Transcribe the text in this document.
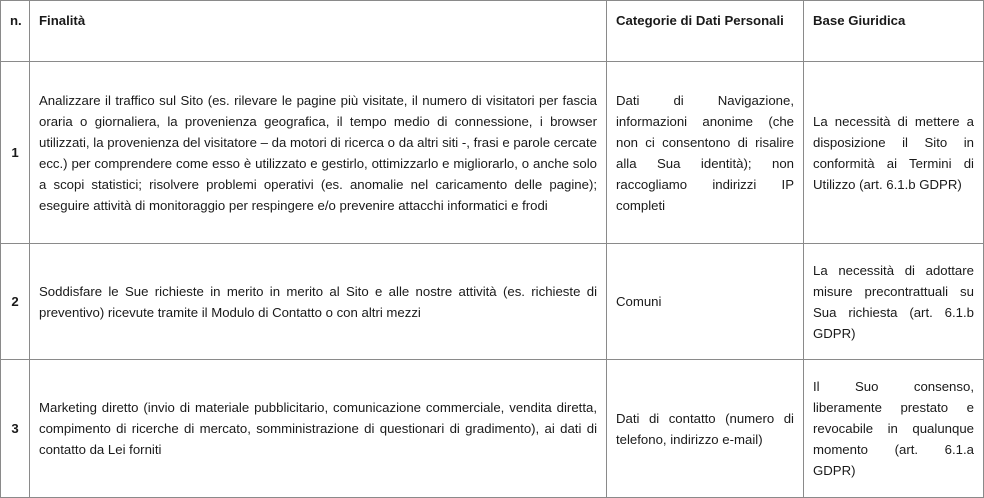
n.	Finalità	Categorie di Dati Personali	Base Giuridica
1	Analizzare il traffico sul Sito (es. rilevare le pagine più visitate, il numero di visitatori per fascia oraria o giornaliera, la provenienza geografica, il tempo medio di connessione, i browser utilizzati, la provenienza del visitatore – da motori di ricerca o da altri siti -, frasi e parole cercate ecc.) per comprendere come esso è utilizzato e gestirlo, ottimizzarlo e migliorarlo, o anche solo a scopi statistici; risolvere problemi operativi (es. anomalie nel caricamento delle pagine); eseguire attività di monitoraggio per respingere e/o prevenire attacchi informatici e frodi	Dati di Navigazione, informazioni anonime (che non ci consentono di risalire alla Sua identità); non raccogliamo indirizzi IP completi	La necessità di mettere a disposizione il Sito in conformità ai Termini di Utilizzo (art. 6.1.b GDPR)
2	Soddisfare le Sue richieste in merito in merito al Sito e alle nostre attività (es. richieste di preventivo) ricevute tramite il Modulo di Contatto o con altri mezzi	Comuni	La necessità di adottare misure precontrattuali su Sua richiesta (art. 6.1.b GDPR)
3	Marketing diretto (invio di materiale pubblicitario, comunicazione commerciale, vendita diretta, compimento di ricerche di mercato, somministrazione di questionari di gradimento), ai dati di contatto da Lei forniti	Dati di contatto (numero di telefono, indirizzo e-mail)	Il Suo consenso, liberamente prestato e revocabile in qualunque momento (art. 6.1.a GDPR)
